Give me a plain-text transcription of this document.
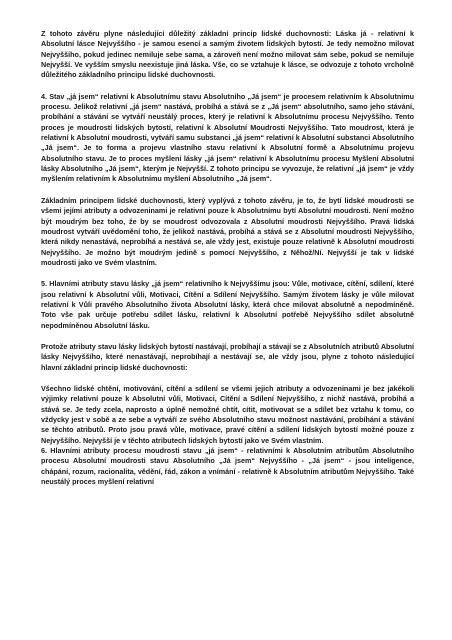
Z tohoto závěru plyne následující důležitý základní princip lidské duchovnosti: Láska já - relativní k Absolutní lásce Nejvyššího - je samou esencí a samým životem lidských bytostí. Je tedy nemožno milovat Nejvyššího, pokud jedinec nemiluje sebe sama, a zároveň není možno milovat sám sebe, pokud se nemiluje Nejvyšší. Ve vyšším smyslu neexistuje jiná láska. Vše, co se vztahuje k lásce, se odvozuje z tohoto vrcholně důležitého základního principu lidské duchovnosti.

4. Stav „já jsem“ relativní k Absolutnímu stavu Absolutního „Já jsem“ je procesem relativním k Absolutnímu procesu. Jelikož relativní „já jsem“ nastává, probíhá a stává se z „Já jsem“ absolutního, samo jeho stávání, probíhání a stávání se vytváří neustálý proces, který je relativní k Absolutnímu procesu Nejvyššího. Tento proces je moudrostí lidských bytostí, relativní k Absolutní Moudrosti Nejvyššího. Tato moudrost, která je relativní k Absolutní moudrosti, vytváří samu substanci „já jsem“ relativní k Absolutní substanci Absolutního „Já jsem“. Je to forma a projevu vlastního stavu relativní k Absolutní formě a Absolutnímu projevu Absolutního stavu. Je to proces myšlení lásky „já jsem“ relativní k Absolutnímu procesu Myšlení Absolutní lásky Absolutního „Já jsem“, kterým je Nejvyšší. Z tohoto principu se vyvozuje, že relativní „já jsem“ je vždy myšlením relativním k Absolutnímu myšlení Absolutního „Já jsem“.

Základním principem lidské duchovnosti, který vyplývá z tohoto závěru, je to, že bytí lidské moudrosti se všemi jejími atributy a odvozeninami je relativní pouze k Absolutnímu bytí Absolutní moudrosti. Není možno být moudrým bez toho, že by se moudrost odvozovala z Absolutní moudrosti Nejvyššího. Pravá lidská moudrost vytváří uvědomění toho, že jelikož nastává, probíhá a stává se z Absolutní moudrosti Nejvyššího, která nikdy nenastává, neprobíhá a nestává se, ale vždy jest, existuje pouze relativně k Absolutní moudrosti Nejvyššího. Je možno být moudrým jedině s pomocí Nejvyššího, z Něhož/Ní. Nejvyšší je tak v lidské moudrosti jako ve Svém vlastním.

5. Hlavními atributy stavu lásky „já jsem“ relativního k Nejvyššímu jsou: Vůle, motivace, cítění, sdílení, které jsou relativní k Absolutní vůli, Motivaci, Cítění a Sdílení Nejvyššího. Samým životem lásky je vůle milovat relativní k Vůli pravého Absolutního života Absolutní lásky, která chce milovat absolutně a nepodmíněně. Toto vše pak určuje potřebu sdílet lásku, relativní k Absolutní potřebě Nejvyššího sdílet absolutně nepodmíněnou Absolutní lásku.

Protože atributy stavu lásky lidských bytostí nastávají, probíhají a stávají se z Absolutních atributů Absolutní lásky Nejvyššího, které nenastávají, neprobíhají a nestávají se, ale vždy jsou, plyne z tohoto následující hlavní základní princip lidské duchovnosti:

Všechno lidské chtění, motivování, cítění a sdílení se všemi jejich atributy a odvozeninami je bez jakékoli výjimky relativní pouze k Absolutní vůli, Motivaci, Cítění a Sdílení Nejvyššího, z nichž nastává, probíhá a stává se. Je tedy zcela, naprosto a úplně nemožné chtít, cítit, motivovat se a sdílet bez vztahu k tomu, co vždycky jest v sobě a ze sebe a vytváří ze svého Absolutního stavu možnost nastávání, probíhání a stávání se těchto atributů. Proto jsou pravá vůle, motivace, pravé cítění a sdílení lidských bytostí možné pouze z Nejvyššího. Nejvyšší je v těchto atributech lidských bytostí jako ve Svém vlastním.

6. Hlavními atributy procesu moudrosti stavu „já jsem“ - relativními k Absolutním atributům Absolutního procesu Absolutní moudrosti stavu Absolutního „Já jsem“ Nejvyššího - „Já jsem“ - jsou inteligence, chápání, rozum, racionalita, vědění, řád, zákon a vnímání - relativně k Absolutním atributům Nejvyššího. Také neustálý proces myšlení relativní
